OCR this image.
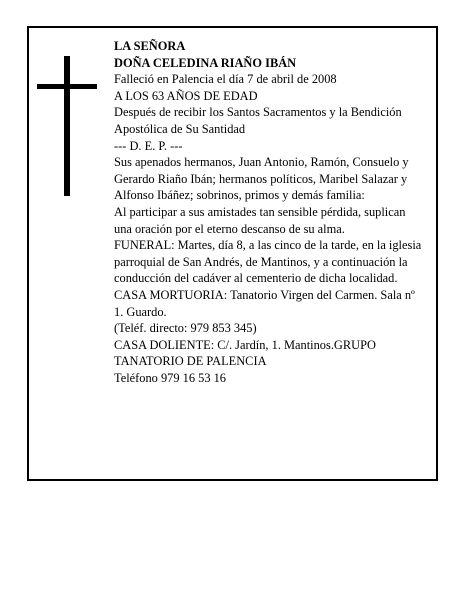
LA SEÑORA

DOÑA CELEDINA RIAÑO IBÁN

Falleció en Palencia el día 7 de abril de 2008

A LOS 63 AÑOS DE EDAD

Después de recibir los Santos Sacramentos y la Bendición Apostólica de Su Santidad

--- D. E. P. ---

Sus apenados hermanos, Juan Antonio, Ramón, Consuelo y Gerardo Riaño Ibán; hermanos políticos, Maribel Salazar y Alfonso Ibáñez; sobrinos, primos y demás familia:

Al participar a sus amistades tan sensible pérdida, suplican una oración por el eterno descanso de su alma.

FUNERAL: Martes, día 8, a las cinco de la tarde, en la iglesia parroquial de San Andrés, de Mantinos, y a continuación la conducción del cadáver al cementerio de dicha localidad.

CASA MORTUORIA: Tanatorio Virgen del Carmen. Sala nº 1. Guardo.

(Teléf. directo: 979 853 345)

CASA DOLIENTE: C/. Jardín, 1. Mantinos.GRUPO TANATORIO DE PALENCIA

Teléfono 979 16 53 16
